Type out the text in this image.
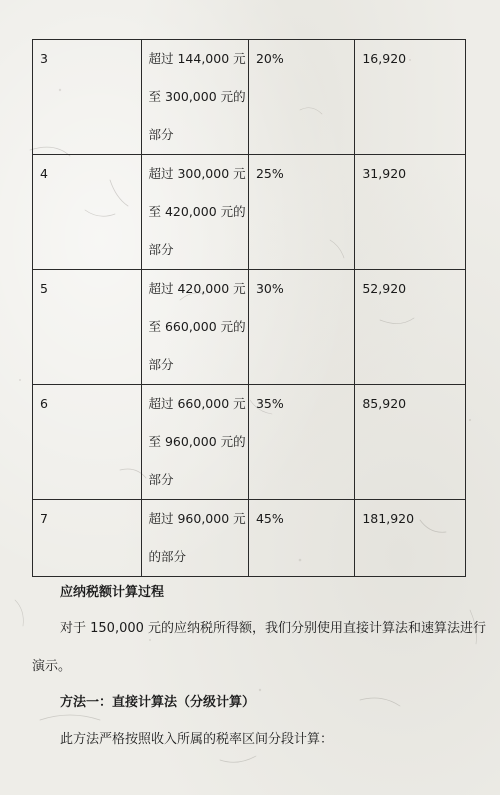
3	超过 144,000 元
至 300,000 元的
部分	20%	16,920
4	超过 300,000 元
至 420,000 元的
部分	25%	31,920
5	超过 420,000 元
至 660,000 元的
部分	30%	52,920
6	超过 660,000 元
至 960,000 元的
部分	35%	85,920
7	超过 960,000 元
的部分	45%	181,920
应纳税额计算过程
对于 150,000 元的应纳税所得额，我们分别使用直接计算法和速算法进行
演示。
方法一：直接计算法（分级计算）
此方法严格按照收入所属的税率区间分段计算：
